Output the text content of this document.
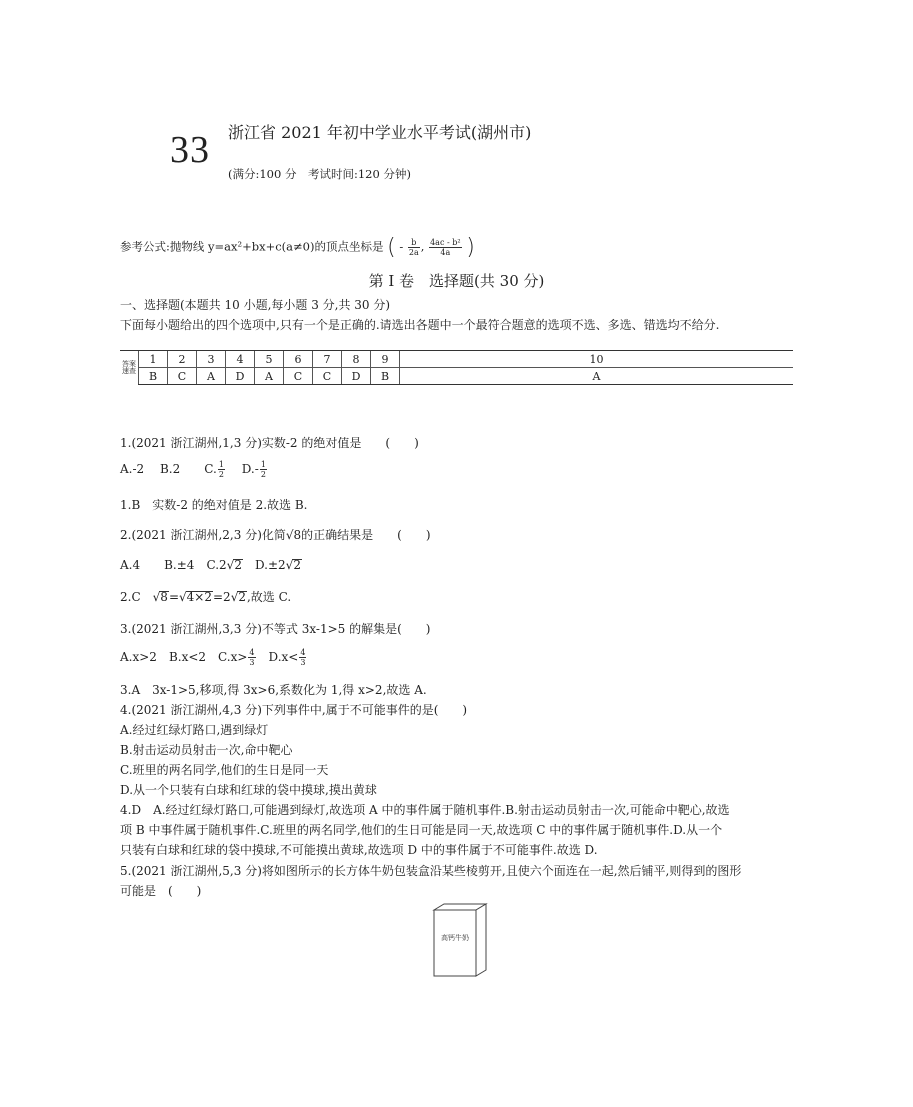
33 浙江省 2021 年初中学业水平考试(湖州市)
(满分:100 分　考试时间:120 分钟)
参考公式:抛物线 y=ax²+bx+c(a≠0)的顶点坐标是 ( - $\frac{b}{2a}$ , $\frac{\text{4ac - b²}}{4a}$ )
第 I 卷　选择题(共 30 分)
一、选择题(本题共 10 小题,每小题 3 分,共 30 分)
下面每小题给出的四个选项中,只有一个是正确的.请选出各题中一个最符合题意的选项不选、多选、错选均不给分.
答案速查	1	2	3	4	5	6	7	8	9	10
	B	C	A	D	A	C	C	D	B	A
1.(2021 浙江湖州,1,3 分)实数-2 的绝对值是　　(　　)
A.-2　 B.2　　C. $\frac{1}{2}$ 　 $D.- \frac{1}{2}$
1.B　实数-2 的绝对值是 2.故选 B.
2.(2021 浙江湖州,2,3 分)化简√8的正确结果是　　(　　)
A.4　　B.±4　C.2√2　D.±2√2
2.C　√8=√4×2=2√2,故选 C.
3.(2021 浙江湖州,3,3 分)不等式 3x-1>5 的解集是(　　)
A.x>2　B.x<2　$C.x> \frac{4}{3}$ 　$D.x< \frac{4}{3}$
3.A　3x-1>5,移项,得 3x>6,系数化为 1,得 x>2,故选 A.
4.(2021 浙江湖州,4,3 分)下列事件中,属于不可能事件的是(　　)
A.经过红绿灯路口,遇到绿灯
B.射击运动员射击一次,命中靶心
C.班里的两名同学,他们的生日是同一天
D.从一个只装有白球和红球的袋中摸球,摸出黄球
4.D　A.经过红绿灯路口,可能遇到绿灯,故选项 A 中的事件属于随机事件.B.射击运动员射击一次,可能命中靶心,故选
项 B 中事件属于随机事件.C.班里的两名同学,他们的生日可能是同一天,故选项 C 中的事件属于随机事件.D.从一个
只装有白球和红球的袋中摸球,不可能摸出黄球,故选项 D 中的事件属于不可能事件.故选 D.
5.(2021 浙江湖州,5,3 分)将如图所示的长方体牛奶包装盒沿某些棱剪开,且使六个面连在一起,然后铺平,则得到的图形
可能是　(　　)
高钙牛奶
